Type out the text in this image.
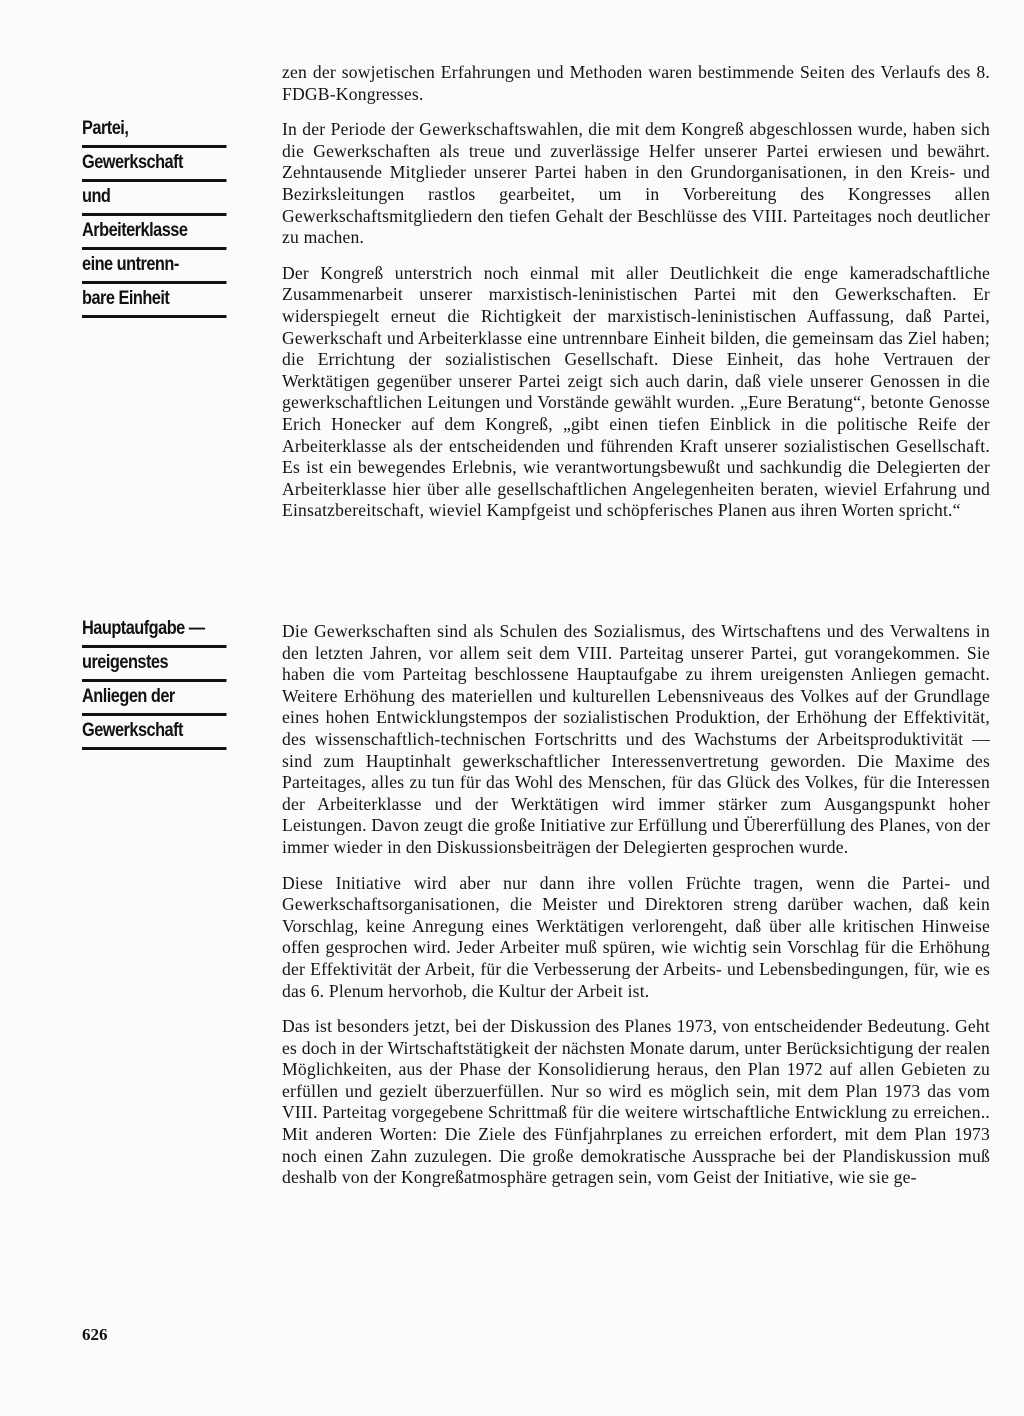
Partei,
Gewerkschaft
und
Arbeiterklasse
eine untrenn-
bare Einheit

zen der sowjetischen Erfahrungen und Methoden waren bestimmende Seiten des Verlaufs des 8. FDGB-Kongresses.

In der Periode der Gewerkschaftswahlen, die mit dem Kongreß abgeschlossen wurde, haben sich die Gewerkschaften als treue und zuverlässige Helfer unserer Partei erwiesen und bewährt. Zehntausende Mitglieder unserer Partei haben in den Grundorganisationen, in den Kreis- und Bezirksleitungen rastlos gearbeitet, um in Vorbereitung des Kongresses allen Gewerkschaftsmitgliedern den tiefen Gehalt der Beschlüsse des VIII. Parteitages noch deutlicher zu machen.

Der Kongreß unterstrich noch einmal mit aller Deutlichkeit die enge kameradschaftliche Zusammenarbeit unserer marxistisch-leninistischen Partei mit den Gewerkschaften. Er widerspiegelt erneut die Richtigkeit der marxistisch-leninistischen Auffassung, daß Partei, Gewerkschaft und Arbeiterklasse eine untrennbare Einheit bilden, die gemeinsam das Ziel haben; die Errichtung der sozialistischen Gesellschaft. Diese Einheit, das hohe Vertrauen der Werktätigen gegenüber unserer Partei zeigt sich auch darin, daß viele unserer Genossen in die gewerkschaftlichen Leitungen und Vorstände gewählt wurden. „Eure Beratung“, betonte Genosse Erich Honecker auf dem Kongreß, „gibt einen tiefen Einblick in die politische Reife der Arbeiterklasse als der entscheidenden und führenden Kraft unserer sozialistischen Gesellschaft. Es ist ein bewegendes Erlebnis, wie verantwortungsbewußt und sachkundig die Delegierten der Arbeiterklasse hier über alle gesellschaftlichen Angelegenheiten beraten, wieviel Erfahrung und Einsatzbereitschaft, wieviel Kampfgeist und schöpferisches Planen aus ihren Worten spricht.“

Hauptaufgabe —
ureigenstes
Anliegen der
Gewerkschaft

Die Gewerkschaften sind als Schulen des Sozialismus, des Wirtschaftens und des Verwaltens in den letzten Jahren, vor allem seit dem VIII. Parteitag unserer Partei, gut vorangekommen. Sie haben die vom Parteitag beschlossene Hauptaufgabe zu ihrem ureigensten Anliegen gemacht. Weitere Erhöhung des materiellen und kulturellen Lebensniveaus des Volkes auf der Grundlage eines hohen Entwicklungstempos der sozialistischen Produktion, der Erhöhung der Effektivität, des wissenschaftlich-technischen Fortschritts und des Wachstums der Arbeitsproduktivität — sind zum Hauptinhalt gewerkschaftlicher Interessenvertretung geworden. Die Maxime des Parteitages, alles zu tun für das Wohl des Menschen, für das Glück des Volkes, für die Interessen der Arbeiterklasse und der Werktätigen wird immer stärker zum Ausgangspunkt hoher Leistungen. Davon zeugt die große Initiative zur Erfüllung und Übererfüllung des Planes, von der immer wieder in den Diskussionsbeiträgen der Delegierten gesprochen wurde.

Diese Initiative wird aber nur dann ihre vollen Früchte tragen, wenn die Partei- und Gewerkschaftsorganisationen, die Meister und Direktoren streng darüber wachen, daß kein Vorschlag, keine Anregung eines Werktätigen verlorengeht, daß über alle kritischen Hinweise offen gesprochen wird. Jeder Arbeiter muß spüren, wie wichtig sein Vorschlag für die Erhöhung der Effektivität der Arbeit, für die Verbesserung der Arbeits- und Lebensbedingungen, für, wie es das 6. Plenum hervorhob, die Kultur der Arbeit ist.

Das ist besonders jetzt, bei der Diskussion des Planes 1973, von entscheidender Bedeutung. Geht es doch in der Wirtschaftstätigkeit der nächsten Monate darum, unter Berücksichtigung der realen Möglichkeiten, aus der Phase der Konsolidierung heraus, den Plan 1972 auf allen Gebieten zu erfüllen und gezielt überzuerfüllen. Nur so wird es möglich sein, mit dem Plan 1973 das vom VIII. Parteitag vorgegebene Schrittmaß für die weitere wirtschaftliche Entwicklung zu erreichen.. Mit anderen Worten: Die Ziele des Fünfjahrplanes zu erreichen erfordert, mit dem Plan 1973 noch einen Zahn zuzulegen. Die große demokratische Aussprache bei der Plandiskussion muß deshalb von der Kongreßatmosphäre getragen sein, vom Geist der Initiative, wie sie ge-

626
